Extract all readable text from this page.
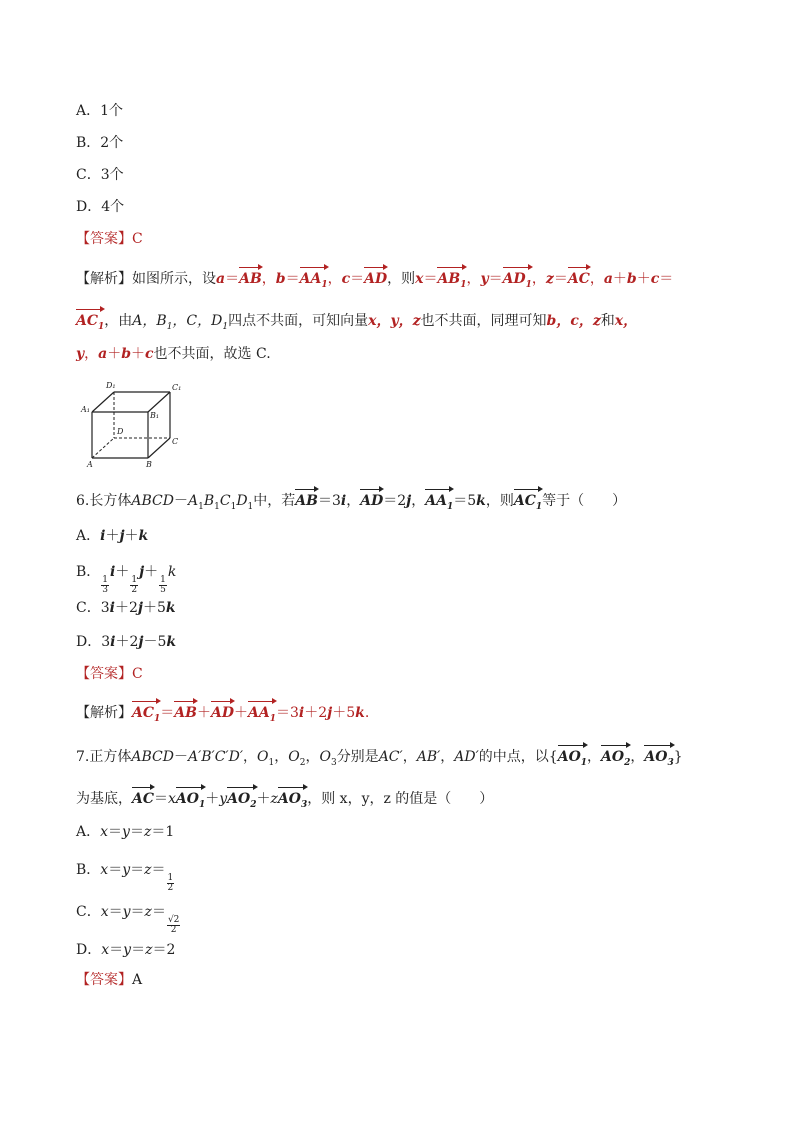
A．1个
B．2个
C．3个
D．4个
【答案】C
【解析】如图所示，设a＝AB，$b=AA_1$，c＝AD，则$x=AB_1$，$y=AD_1$，z＝AC，a＋b＋c＝
$AC_1$，由A，$B_1$，C，$D_1$四点不共面，可知向量x，y，z也不共面，同理可知b，c，z和x，
y，a＋b＋c也不共面，故选 C.
D₁	C₁
A₁
B₁
D
C
A	B
6.长方体$ABCD-A_1B_1C_1D_1$中，若AB＝3i，AD＝2j，$AA_1=5k$，则$AC_1$等于（　　）
A．i＋j＋k
B．
$\frac{1}{3}$
i＋
$\frac{1}{2}$
j＋
$\frac{1}{5}$
k
C．3i＋2j＋5k
D．3i＋2j－5k
【答案】C
【解析】$AC_1=AB+AD+AA_1=3i+2j+5k$.
7.正方体ABCD－A′B′C′D′，$O_1$，$O_2$，$O_3$分别是AC′，AB′，AD′的中点，以{$AO_1$，$AO_2$，$AO_3$}
为基底，AC＝xAO$_1$＋yAO$_2$＋zAO$_3$，则 x，y，z 的值是（　　）
A．x＝y＝z＝1
B．x＝y＝z＝
$\frac{1}{2}$
C．x＝y＝z＝
$\frac{√2}{2}$
D．x＝y＝z＝2
【答案】A
